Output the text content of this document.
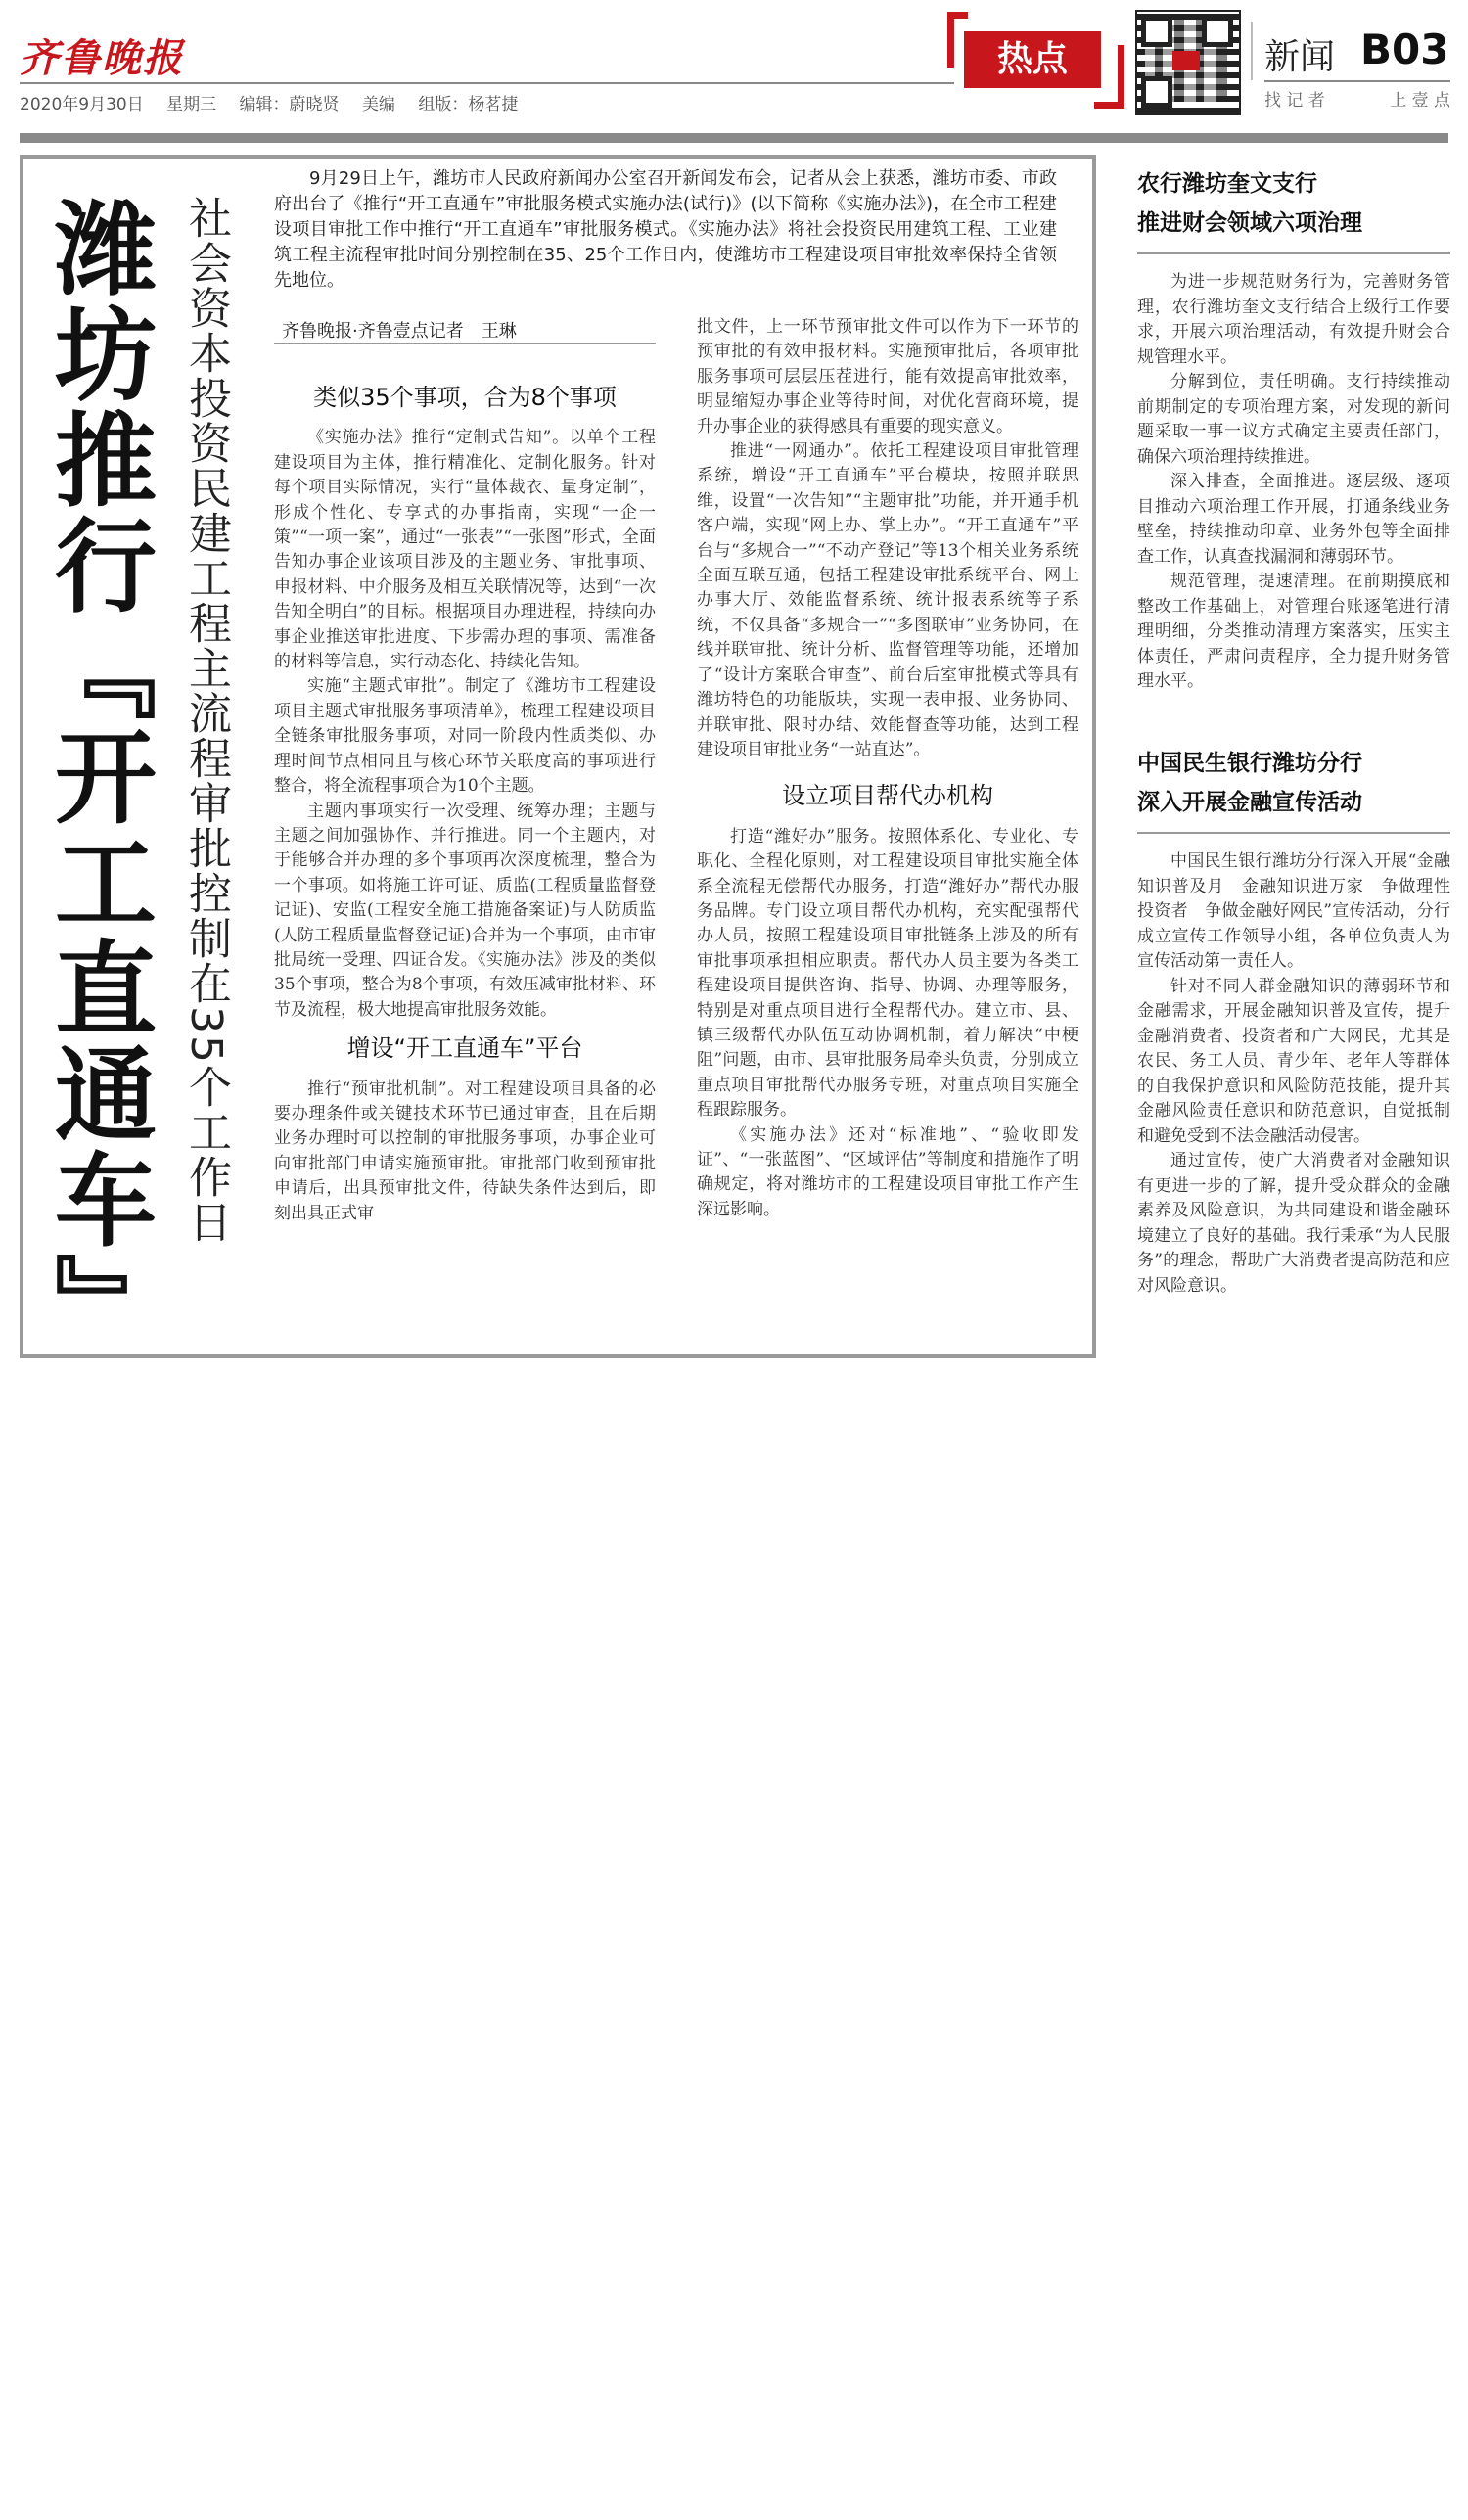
齐鲁晚报
2020年9月30日 星期三 编辑：蔚晓贤 美编 组版：杨茗捷
热点	新闻 B03
找 记 者	上 壹 点
潍坊推行『开工直通车』 社会资本投资民建工程主流程审批控制在35个工作日
9月29日上午，潍坊市人民政府新闻办公室召开新闻发布会，记者从会上获悉，潍坊市委、市政府出台了《推行“开工直通车”审批服务模式实施办法(试行)》(以下简称《实施办法》)，在全市工程建设项目审批工作中推行“开工直通车”审批服务模式。《实施办法》将社会投资民用建筑工程、工业建筑工程主流程审批时间分别控制在35、25个工作日内，使潍坊市工程建设项目审批效率保持全省领先地位。
齐鲁晚报·齐鲁壹点记者　王琳

类似35个事项，合为8个事项

《实施办法》推行“定制式告知”。以单个工程建设项目为主体，推行精准化、定制化服务。针对每个项目实际情况，实行“量体裁衣、量身定制”，形成个性化、专享式的办事指南，实现“一企一策”“一项一案”，通过“一张表”“一张图”形式，全面告知办事企业该项目涉及的主题业务、审批事项、申报材料、中介服务及相互关联情况等，达到“一次告知全明白”的目标。根据项目办理进程，持续向办事企业推送审批进度、下步需办理的事项、需准备的材料等信息，实行动态化、持续化告知。

实施“主题式审批”。制定了《潍坊市工程建设项目主题式审批服务事项清单》，梳理工程建设项目全链条审批服务事项，对同一阶段内性质类似、办理时间节点相同且与核心环节关联度高的事项进行整合，将全流程事项合为10个主题。

主题内事项实行一次受理、统筹办理；主题与主题之间加强协作、并行推进。同一个主题内，对于能够合并办理的多个事项再次深度梳理，整合为一个事项。如将施工许可证、质监(工程质量监督登记证)、安监(工程安全施工措施备案证)与人防质监(人防工程质量监督登记证)合并为一个事项，由市审批局统一受理、四证合发。《实施办法》涉及的类似35个事项，整合为8个事项，有效压减审批材料、环节及流程，极大地提高审批服务效能。

增设“开工直通车”平台

推行“预审批机制”。对工程建设项目具备的必要办理条件或关键技术环节已通过审查，且在后期业务办理时可以控制的审批服务事项，办事企业可向审批部门申请实施预审批。审批部门收到预审批申请后，出具预审批文件，待缺失条件达到后，即刻出具正式审

批文件，上一环节预审批文件可以作为下一环节的预审批的有效申报材料。实施预审批后，各项审批服务事项可层层压茬进行，能有效提高审批效率，明显缩短办事企业等待时间，对优化营商环境，提升办事企业的获得感具有重要的现实意义。

推进“一网通办”。依托工程建设项目审批管理系统，增设“开工直通车”平台模块，按照并联思维，设置“一次告知”“主题审批”功能，并开通手机客户端，实现“网上办、掌上办”。“开工直通车”平台与“多规合一”“不动产登记”等13个相关业务系统全面互联互通，包括工程建设审批系统平台、网上办事大厅、效能监督系统、统计报表系统等子系统，不仅具备“多规合一”“多图联审”业务协同，在线并联审批、统计分析、监督管理等功能，还增加了“设计方案联合审查”、前台后室审批模式等具有潍坊特色的功能版块，实现一表申报、业务协同、并联审批、限时办结、效能督查等功能，达到工程建设项目审批业务“一站直达”。

设立项目帮代办机构

打造“潍好办”服务。按照体系化、专业化、专职化、全程化原则，对工程建设项目审批实施全体系全流程无偿帮代办服务，打造“潍好办”帮代办服务品牌。专门设立项目帮代办机构，充实配强帮代办人员，按照工程建设项目审批链条上涉及的所有审批事项承担相应职责。帮代办人员主要为各类工程建设项目提供咨询、指导、协调、办理等服务，特别是对重点项目进行全程帮代办。建立市、县、镇三级帮代办队伍互动协调机制，着力解决“中梗阻”问题，由市、县审批服务局牵头负责，分别成立重点项目审批帮代办服务专班，对重点项目实施全程跟踪服务。

《实施办法》还对“标准地”、“验收即发证”、“一张蓝图”、“区域评估”等制度和措施作了明确规定，将对潍坊市的工程建设项目审批工作产生深远影响。

农行潍坊奎文支行
推进财会领域六项治理

为进一步规范财务行为，完善财务管理，农行潍坊奎文支行结合上级行工作要求，开展六项治理活动，有效提升财会合规管理水平。

分解到位，责任明确。支行持续推动前期制定的专项治理方案，对发现的新问题采取一事一议方式确定主要责任部门，确保六项治理持续推进。

深入排查，全面推进。逐层级、逐项目推动六项治理工作开展，打通条线业务壁垒，持续推动印章、业务外包等全面排查工作，认真查找漏洞和薄弱环节。

规范管理，提速清理。在前期摸底和整改工作基础上，对管理台账逐笔进行清理明细，分类推动清理方案落实，压实主体责任，严肃问责程序，全力提升财务管理水平。

中国民生银行潍坊分行
深入开展金融宣传活动

中国民生银行潍坊分行深入开展“金融知识普及月　金融知识进万家　争做理性投资者　争做金融好网民”宣传活动，分行成立宣传工作领导小组，各单位负责人为宣传活动第一责任人。

针对不同人群金融知识的薄弱环节和金融需求，开展金融知识普及宣传，提升金融消费者、投资者和广大网民，尤其是农民、务工人员、青少年、老年人等群体的自我保护意识和风险防范技能，提升其金融风险责任意识和防范意识，自觉抵制和避免受到不法金融活动侵害。

通过宣传，使广大消费者对金融知识有更进一步的了解，提升受众群众的金融素养及风险意识，为共同建设和谐金融环境建立了良好的基础。我行秉承“为人民服务”的理念，帮助广大消费者提高防范和应对风险意识。
